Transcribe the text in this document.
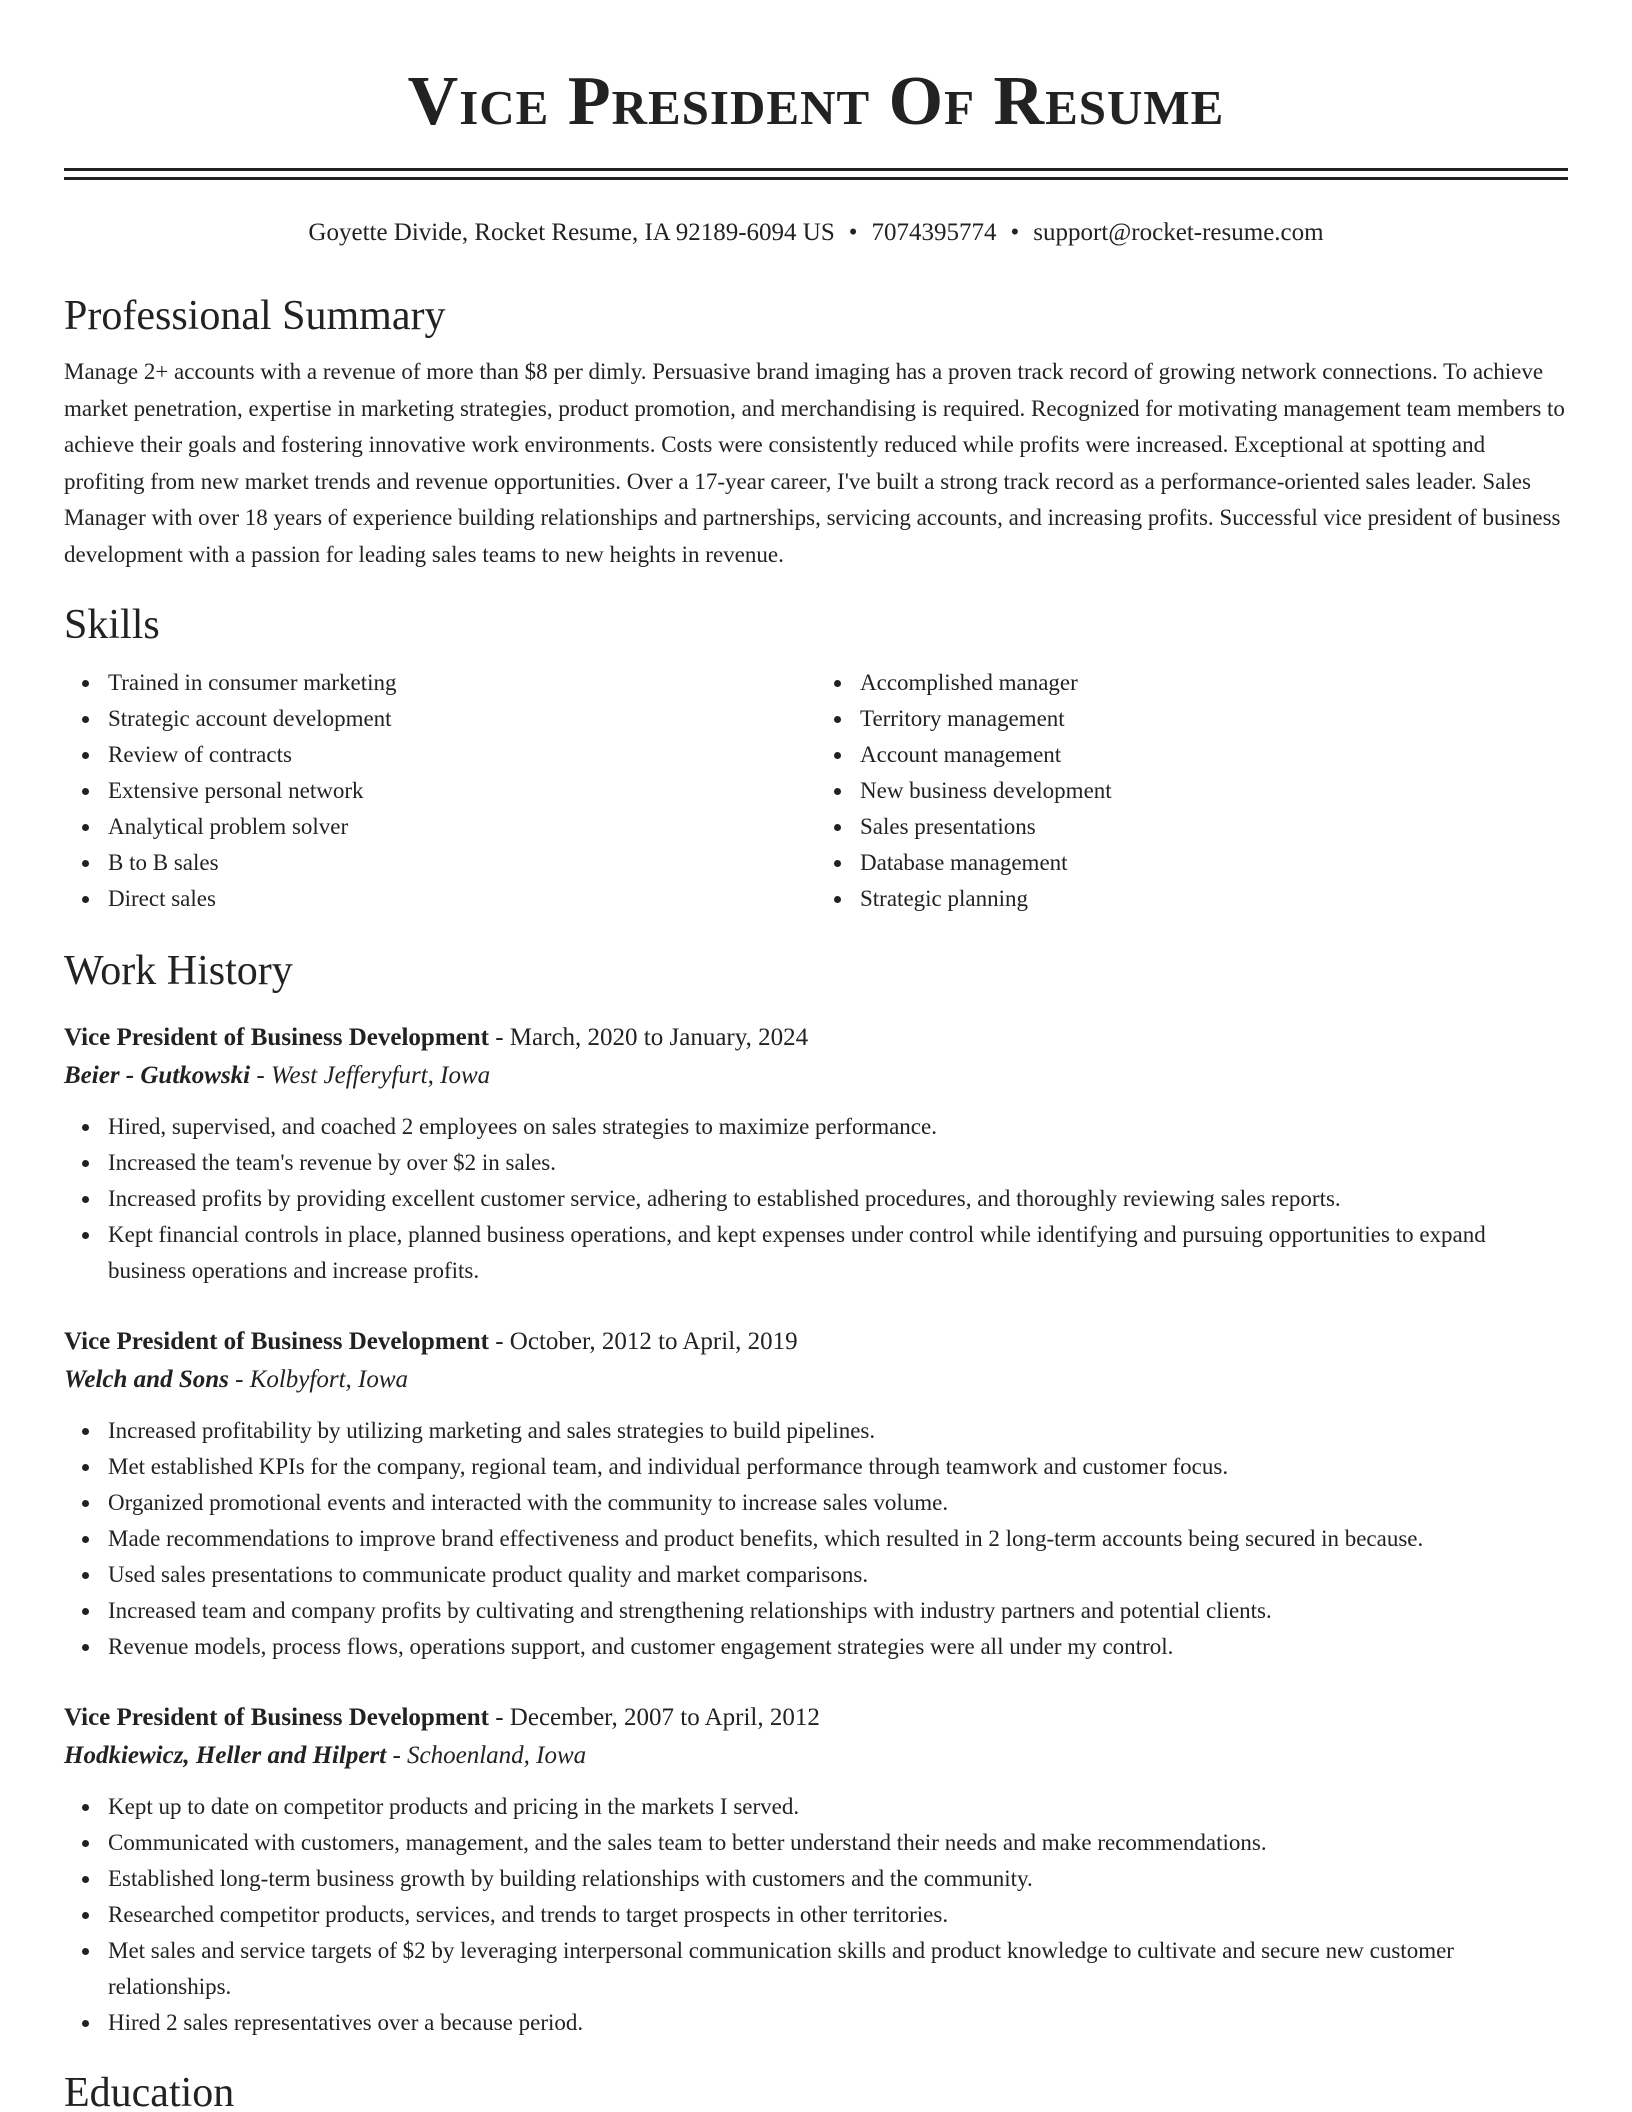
Vice President Of Resume
Goyette Divide, Rocket Resume, IA 92189-6094 US • 7074395774 • support@rocket-resume.com
Professional Summary

Manage 2+ accounts with a revenue of more than $8 per dimly. Persuasive brand imaging has a proven track record of growing network connections. To achieve market penetration, expertise in marketing strategies, product promotion, and merchandising is required. Recognized for motivating management team members to achieve their goals and fostering innovative work environments. Costs were consistently reduced while profits were increased. Exceptional at spotting and profiting from new market trends and revenue opportunities. Over a 17-year career, I've built a strong track record as a performance-oriented sales leader. Sales Manager with over 18 years of experience building relationships and partnerships, servicing accounts, and increasing profits. Successful vice president of business development with a passion for leading sales teams to new heights in revenue.

Skills
Trained in consumer marketing
Strategic account development
Review of contracts
Extensive personal network
Analytical problem solver
B to B sales
Direct sales
Accomplished manager
Territory management
Account management
New business development
Sales presentations
Database management
Strategic planning
Work History
Vice President of Business Development - March, 2020 to January, 2024
Beier - Gutkowski - West Jefferyfurt, Iowa
Hired, supervised, and coached 2 employees on sales strategies to maximize performance.
Increased the team's revenue by over $2 in sales.
Increased profits by providing excellent customer service, adhering to established procedures, and thoroughly reviewing sales reports.
Kept financial controls in place, planned business operations, and kept expenses under control while identifying and pursuing opportunities to expand business operations and increase profits.
Vice President of Business Development - October, 2012 to April, 2019
Welch and Sons - Kolbyfort, Iowa
Increased profitability by utilizing marketing and sales strategies to build pipelines.
Met established KPIs for the company, regional team, and individual performance through teamwork and customer focus.
Organized promotional events and interacted with the community to increase sales volume.
Made recommendations to improve brand effectiveness and product benefits, which resulted in 2 long-term accounts being secured in because.
Used sales presentations to communicate product quality and market comparisons.
Increased team and company profits by cultivating and strengthening relationships with industry partners and potential clients.
Revenue models, process flows, operations support, and customer engagement strategies were all under my control.
Vice President of Business Development - December, 2007 to April, 2012
Hodkiewicz, Heller and Hilpert - Schoenland, Iowa
Kept up to date on competitor products and pricing in the markets I served.
Communicated with customers, management, and the sales team to better understand their needs and make recommendations.
Established long-term business growth by building relationships with customers and the community.
Researched competitor products, services, and trends to target prospects in other territories.
Met sales and service targets of $2 by leveraging interpersonal communication skills and product knowledge to cultivate and secure new customer relationships.
Hired 2 sales representatives over a because period.
Education
